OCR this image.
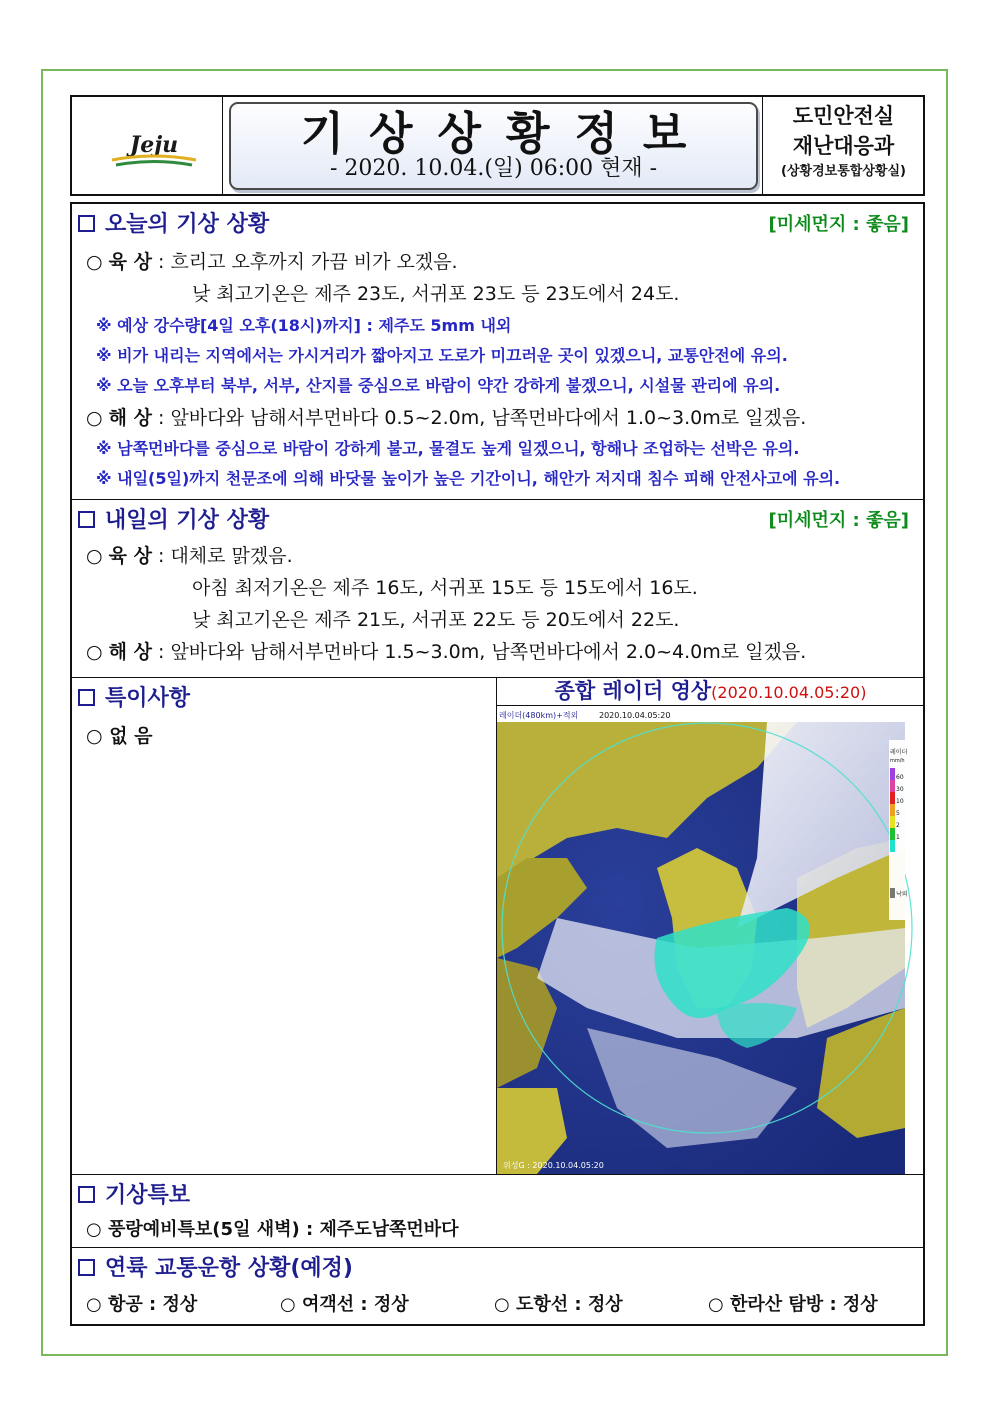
Jeju	기상상황정보
- 2020. 10.04.(일) 06:00 현재 -
도민안전실
재난대응과
(상황경보통합상황실)
오늘의 기상 상황	[미세먼지 : 좋음]
○ 육 상 : 흐리고 오후까지 가끔 비가 오겠음.
낮 최고기온은 제주 23도, 서귀포 23도 등 23도에서 24도.
※ 예상 강수량[4일 오후(18시)까지] : 제주도 5mm 내외
※ 비가 내리는 지역에서는 가시거리가 짧아지고 도로가 미끄러운 곳이 있겠으니, 교통안전에 유의.
※ 오늘 오후부터 북부, 서부, 산지를 중심으로 바람이 약간 강하게 불겠으니, 시설물 관리에 유의.
○ 해 상 : 앞바다와 남해서부먼바다 0.5~2.0m, 남쪽먼바다에서 1.0~3.0m로 일겠음.
※ 남쪽먼바다를 중심으로 바람이 강하게 불고, 물결도 높게 일겠으니, 항해나 조업하는 선박은 유의.
※ 내일(5일)까지 천문조에 의해 바닷물 높이가 높은 기간이니, 해안가 저지대 침수 피해 안전사고에 유의.
내일의 기상 상황	[미세먼지 : 좋음]
○ 육 상 : 대체로 맑겠음.
아침 최저기온은 제주 16도, 서귀포 15도 등 15도에서 16도.
낮 최고기온은 제주 21도, 서귀포 22도 등 20도에서 22도.
○ 해 상 : 앞바다와 남해서부먼바다 1.5~3.0m, 남쪽먼바다에서 2.0~4.0m로 일겠음.
특이사항
○ 없 음
종합 레이더 영상(2020.10.04.05:20)
레이더
mm/h
60
30
10
5
2
1
낙뢰
레이더(480km)+적외	2020.10.04.05:20
위성G : 2020.10.04.05:20
기상특보
○ 풍랑예비특보(5일 새벽) : 제주도남쪽먼바다
연륙 교통운항 상황(예정)
○ 항공 : 정상	○ 여객선 : 정상	○ 도항선 : 정상	○ 한라산 탐방 : 정상
